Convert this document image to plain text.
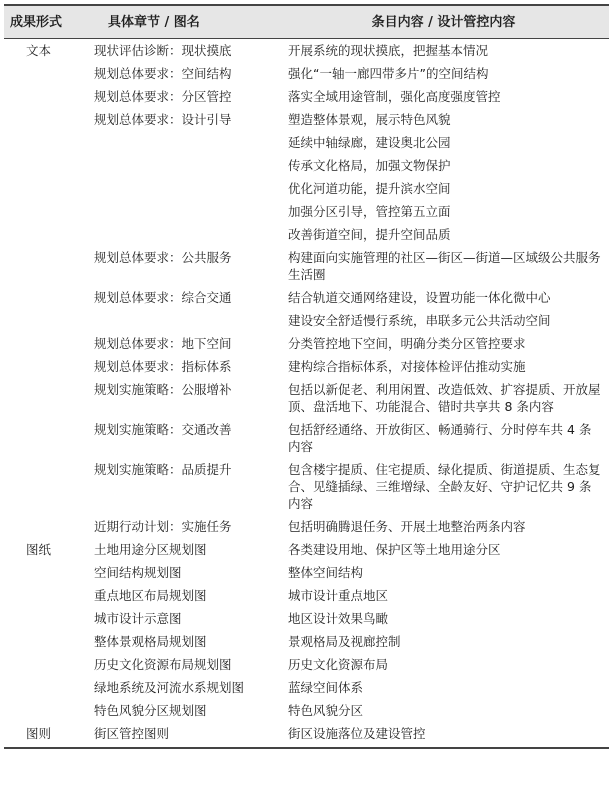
成果形式	具体章节 / 图名	条目内容 / 设计管控内容
文本	现状评估诊断：现状摸底	开展系统的现状摸底，把握基本情况
	规划总体要求：空间结构	强化“一轴一廊四带多片”的空间结构
	规划总体要求：分区管控	落实全域用途管制，强化高度强度管控
	规划总体要求：设计引导	塑造整体景观，展示特色风貌
		延续中轴绿廊，建设奥北公园
		传承文化格局，加强文物保护
		优化河道功能，提升滨水空间
		加强分区引导，管控第五立面
		改善街道空间，提升空间品质
	规划总体要求：公共服务	构建面向实施管理的社区—街区—街道—区域级公共服务生活圈
	规划总体要求：综合交通	结合轨道交通网络建设，设置功能一体化微中心
		建设安全舒适慢行系统，串联多元公共活动空间
	规划总体要求：地下空间	分类管控地下空间，明确分类分区管控要求
	规划总体要求：指标体系	建构综合指标体系，对接体检评估推动实施
	规划实施策略：公服增补	包括以新促老、利用闲置、改造低效、扩容提质、开放屋顶、盘活地下、功能混合、错时共享共 8 条内容
	规划实施策略：交通改善	包括舒经通络、开放街区、畅通骑行、分时停车共 4 条内容
	规划实施策略：品质提升	包含楼宇提质、住宅提质、绿化提质、街道提质、生态复合、见缝插绿、三维增绿、全龄友好、守护记忆共 9 条内容
	近期行动计划：实施任务	包括明确腾退任务、开展土地整治两条内容
图纸	土地用途分区规划图	各类建设用地、保护区等土地用途分区
	空间结构规划图	整体空间结构
	重点地区布局规划图	城市设计重点地区
	城市设计示意图	地区设计效果鸟瞰
	整体景观格局规划图	景观格局及视廊控制
	历史文化资源布局规划图	历史文化资源布局
	绿地系统及河流水系规划图	蓝绿空间体系
	特色风貌分区规划图	特色风貌分区
图则	街区管控图则	街区设施落位及建设管控
